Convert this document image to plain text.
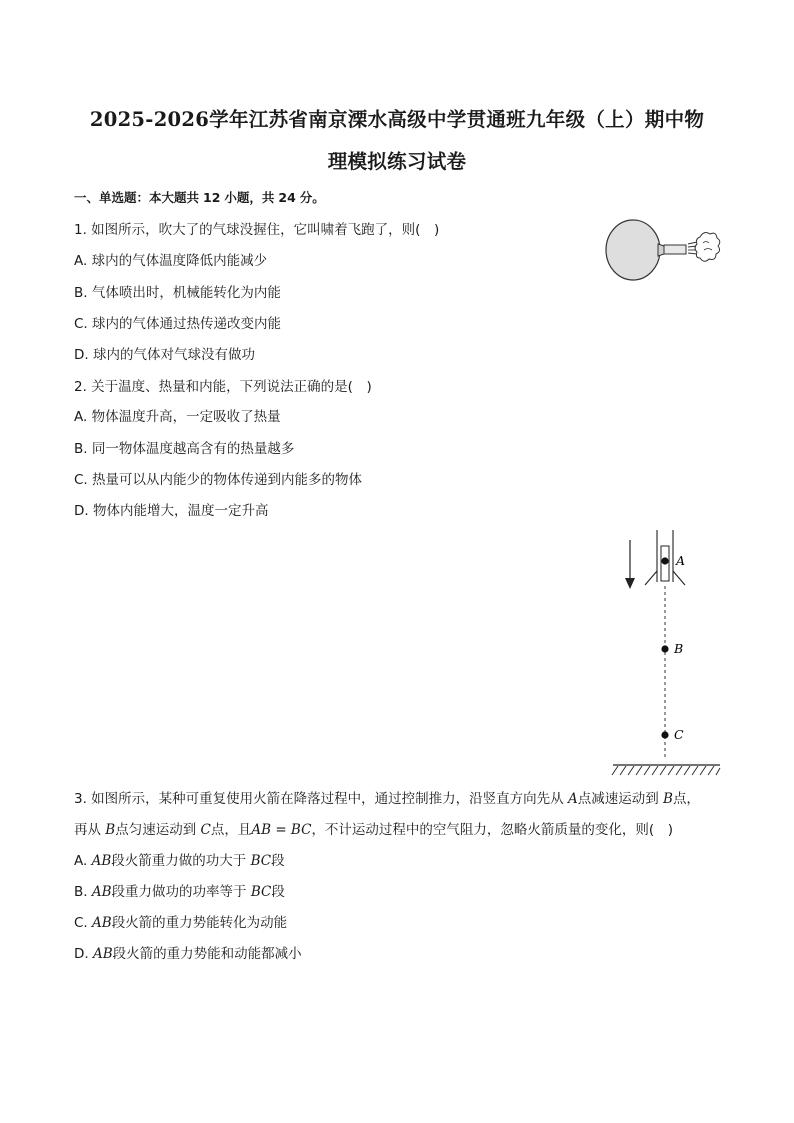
2025-2026学年江苏省南京溧水高级中学贯通班九年级（上）期中物
理模拟练习试卷
一、单选题：本大题共 12 小题，共 24 分。
1. 如图所示，吹大了的气球没握住，它叫啸着飞跑了，则(　)
A. 球内的气体温度降低内能减少
B. 气体喷出时，机械能转化为内能
C. 球内的气体通过热传递改变内能
D. 球内的气体对气球没有做功
2. 关于温度、热量和内能，下列说法正确的是(　)
A. 物体温度升高，一定吸收了热量
B. 同一物体温度越高含有的热量越多
C. 热量可以从内能少的物体传递到内能多的物体
D. 物体内能增大，温度一定升高
3. 如图所示，某种可重复使用火箭在降落过程中，通过控制推力，沿竖直方向先从 A点减速运动到 B点，
再从 B点匀速运动到 C点，且AB = BC，不计运动过程中的空气阻力，忽略火箭质量的变化，则(　)
A. AB段火箭重力做的功大于 BC段
B. AB段重力做功的功率等于 BC段
C. AB段火箭的重力势能转化为动能
D. AB段火箭的重力势能和动能都减小
A
B
C
